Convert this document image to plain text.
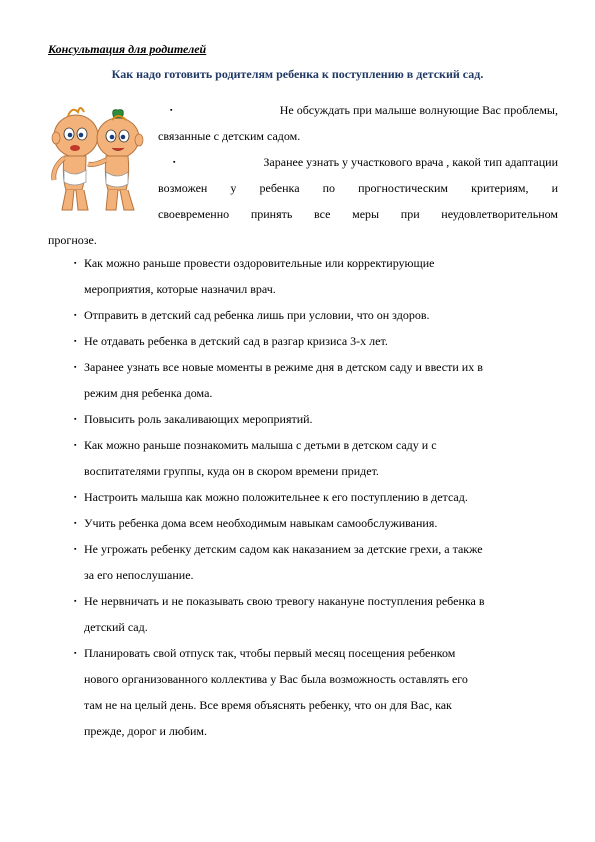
Консультация для родителей
Как надо готовить родителям ребенка к поступлению в детский сад.
▪	Не обсуждать при малыше волнующие Вас проблемы,
связанные с детским садом.
▪	Заранее узнать у участкового врача , какой тип адаптации
возможен у ребенка по прогностическим критериям, и
своевременно принять все меры при неудовлетворительном
прогнозе.
▪ Как можно раньше провести оздоровительные или корректирующие
мероприятия, которые назначил врач.
▪ Отправить в детский сад ребенка лишь при условии, что он здоров.
▪ Не отдавать ребенка в детский сад в разгар кризиса 3-х лет.
▪ Заранее узнать все новые моменты в режиме дня в детском саду и ввести их в
режим дня ребенка дома.
▪ Повысить роль закаливающих мероприятий.
▪ Как можно раньше познакомить малыша с детьми в детском саду и с
воспитателями группы, куда он в скором времени придет.
▪ Настроить малыша как можно положительнее к его поступлению в детсад.
▪ Учить ребенка дома всем необходимым навыкам самообслуживания.
▪ Не угрожать ребенку детским садом как наказанием за детские грехи, а также
за его непослушание.
▪ Не нервничать и не показывать свою тревогу накануне поступления ребенка в
детский сад.
▪ Планировать свой отпуск так, чтобы первый месяц посещения ребенком
нового организованного коллектива у Вас была возможность оставлять его
там не на целый день. Все время объяснять ребенку, что он для Вас, как
прежде, дорог и любим.
